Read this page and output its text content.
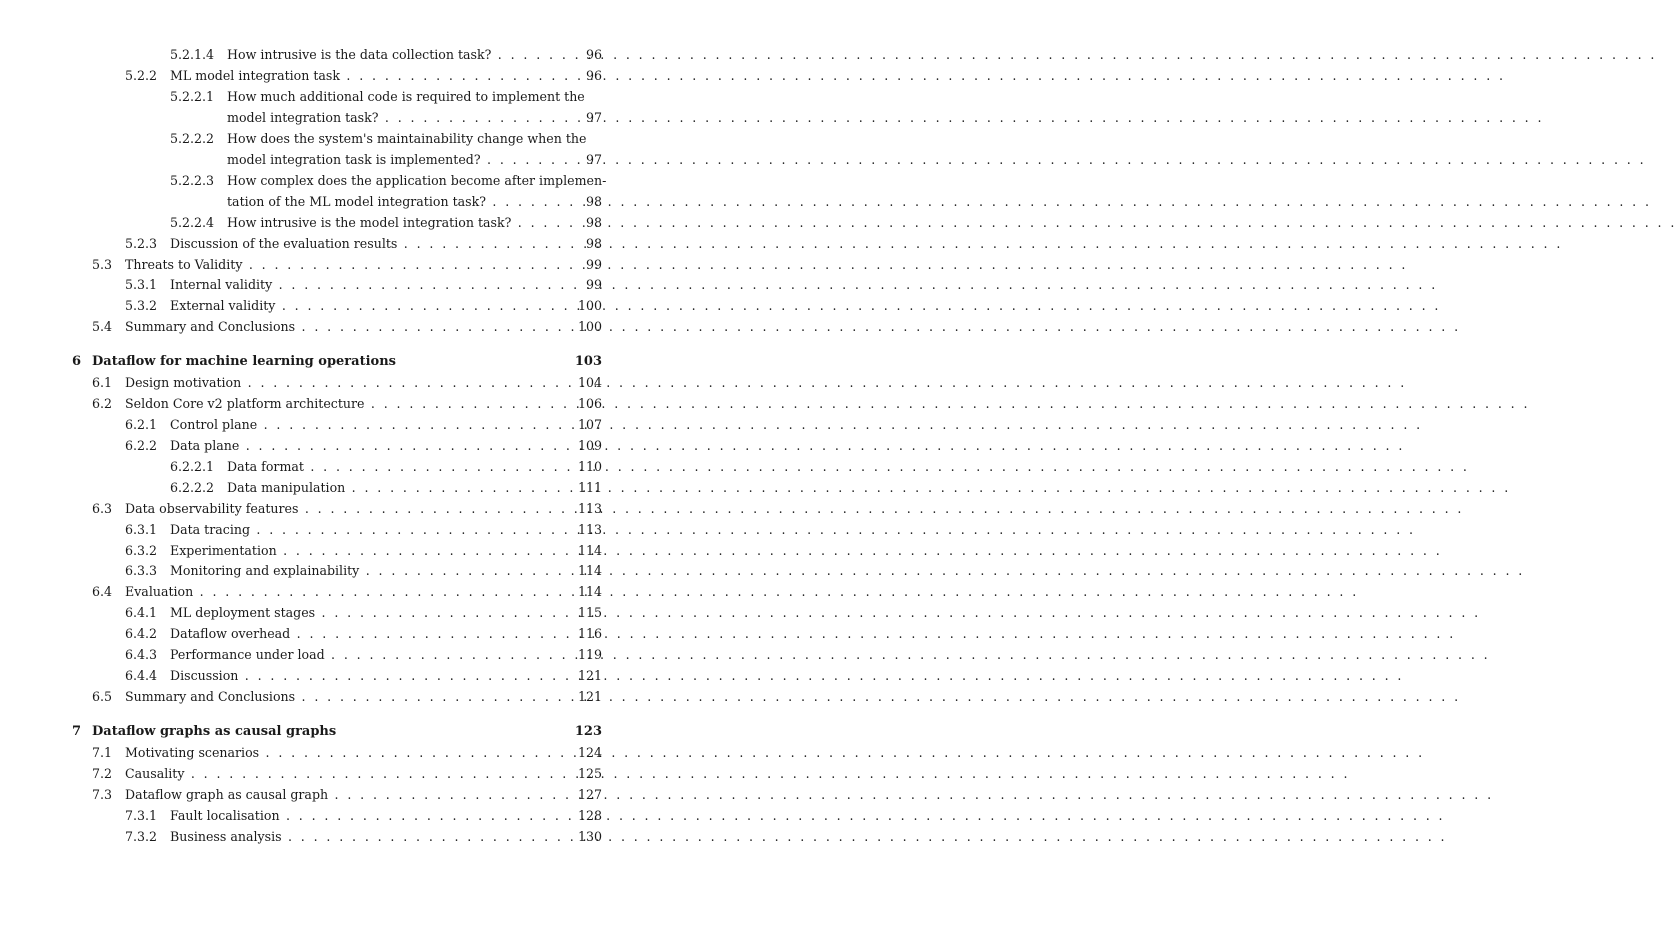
5.2.1.4 How intrusive is the data collection task? . . .	96
5.2.2 ML model integration task . . .	96
5.2.2.1 How much additional code is required to implement the
model integration task? . . .	97
5.2.2.2 How does the system's maintainability change when the
model integration task is implemented? . . .	97
5.2.2.3 How complex does the application become after implemen-
tation of the ML model integration task? . . .	98
5.2.2.4 How intrusive is the model integration task? . . .	98
5.2.3 Discussion of the evaluation results . . .	98
5.3 Threats to Validity . . .	99
5.3.1 Internal validity . . .	99
5.3.2 External validity . . .	100
5.4 Summary and Conclusions . . .	100
6 Dataflow for machine learning operations	103
6.1 Design motivation . . .	104
6.2 Seldon Core v2 platform architecture . . .	106
6.2.1 Control plane . . .	107
6.2.2 Data plane . . .	109
6.2.2.1 Data format . . .	110
6.2.2.2 Data manipulation . . .	111
6.3 Data observability features . . .	113
6.3.1 Data tracing . . .	113
6.3.2 Experimentation . . .	114
6.3.3 Monitoring and explainability . . .	114
6.4 Evaluation . . .	114
6.4.1 ML deployment stages . . .	115
6.4.2 Dataflow overhead . . .	116
6.4.3 Performance under load . . .	119
6.4.4 Discussion . . .	121
6.5 Summary and Conclusions . . .	121
7 Dataflow graphs as causal graphs	123
7.1 Motivating scenarios . . .	124
7.2 Causality . . .	125
7.3 Dataflow graph as causal graph . . .	127
7.3.1 Fault localisation . . .	128
7.3.2 Business analysis . . .	130
